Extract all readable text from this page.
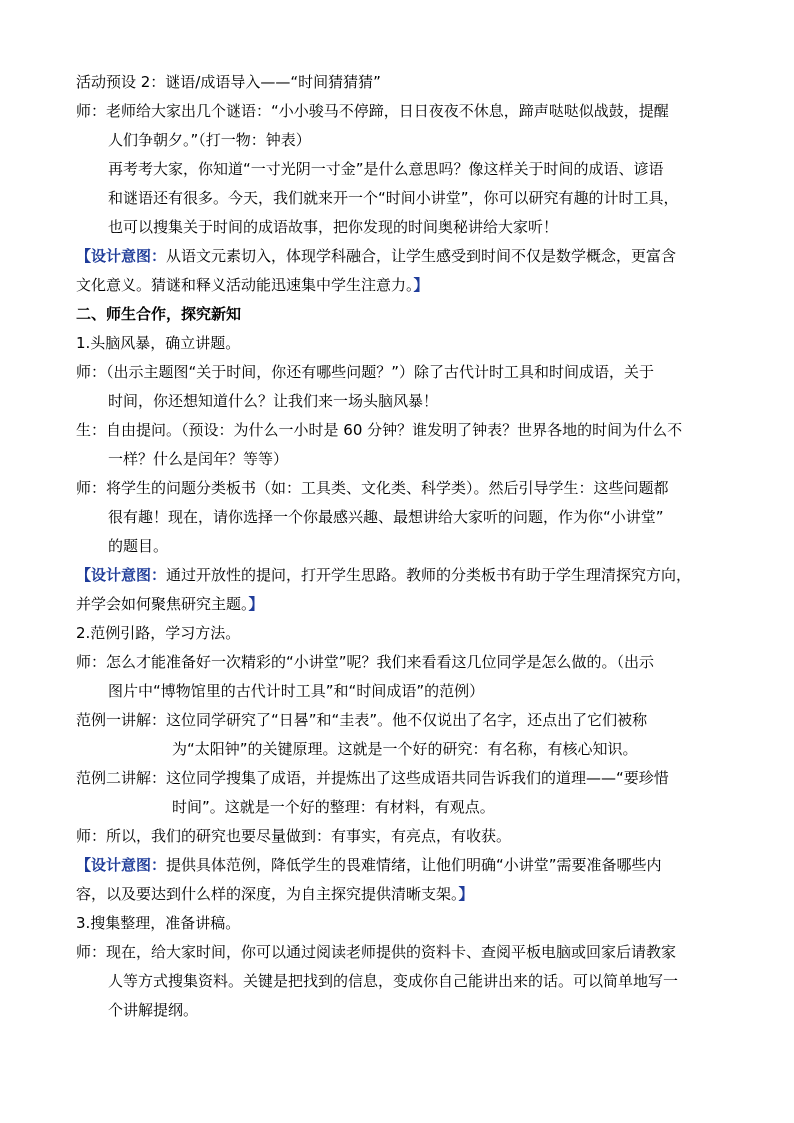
活动预设 2：谜语/成语导入——“时间猜猜猜”
师：老师给大家出几个谜语：“小小骏马不停蹄，日日夜夜不休息，蹄声哒哒似战鼓，提醒
人们争朝夕。”（打一物：钟表）
再考考大家，你知道“一寸光阴一寸金”是什么意思吗？像这样关于时间的成语、谚语
和谜语还有很多。今天，我们就来开一个“时间小讲堂”，你可以研究有趣的计时工具，
也可以搜集关于时间的成语故事，把你发现的时间奥秘讲给大家听！
【设计意图：从语文元素切入，体现学科融合，让学生感受到时间不仅是数学概念，更富含
文化意义。猜谜和释义活动能迅速集中学生注意力。】
二、师生合作，探究新知
1.头脑风暴，确立讲题。
师：（出示主题图“关于时间，你还有哪些问题？”）除了古代计时工具和时间成语，关于
时间，你还想知道什么？让我们来一场头脑风暴！
生：自由提问。（预设：为什么一小时是 60 分钟？谁发明了钟表？世界各地的时间为什么不
一样？什么是闰年？等等）
师：将学生的问题分类板书（如：工具类、文化类、科学类）。然后引导学生：这些问题都
很有趣！现在，请你选择一个你最感兴趣、最想讲给大家听的问题，作为你“小讲堂”
的题目。
【设计意图：通过开放性的提问，打开学生思路。教师的分类板书有助于学生理清探究方向，
并学会如何聚焦研究主题。】
2.范例引路，学习方法。
师：怎么才能准备好一次精彩的“小讲堂”呢？我们来看看这几位同学是怎么做的。（出示
图片中“博物馆里的古代计时工具”和“时间成语”的范例）
范例一讲解：这位同学研究了“日晷”和“圭表”。他不仅说出了名字，还点出了它们被称
为“太阳钟”的关键原理。这就是一个好的研究：有名称，有核心知识。
范例二讲解：这位同学搜集了成语，并提炼出了这些成语共同告诉我们的道理——“要珍惜
时间”。这就是一个好的整理：有材料，有观点。
师：所以，我们的研究也要尽量做到：有事实，有亮点，有收获。
【设计意图：提供具体范例，降低学生的畏难情绪，让他们明确“小讲堂”需要准备哪些内
容，以及要达到什么样的深度，为自主探究提供清晰支架。】
3.搜集整理，准备讲稿。
师：现在，给大家时间，你可以通过阅读老师提供的资料卡、查阅平板电脑或回家后请教家
人等方式搜集资料。关键是把找到的信息，变成你自己能讲出来的话。可以简单地写一
个讲解提纲。
